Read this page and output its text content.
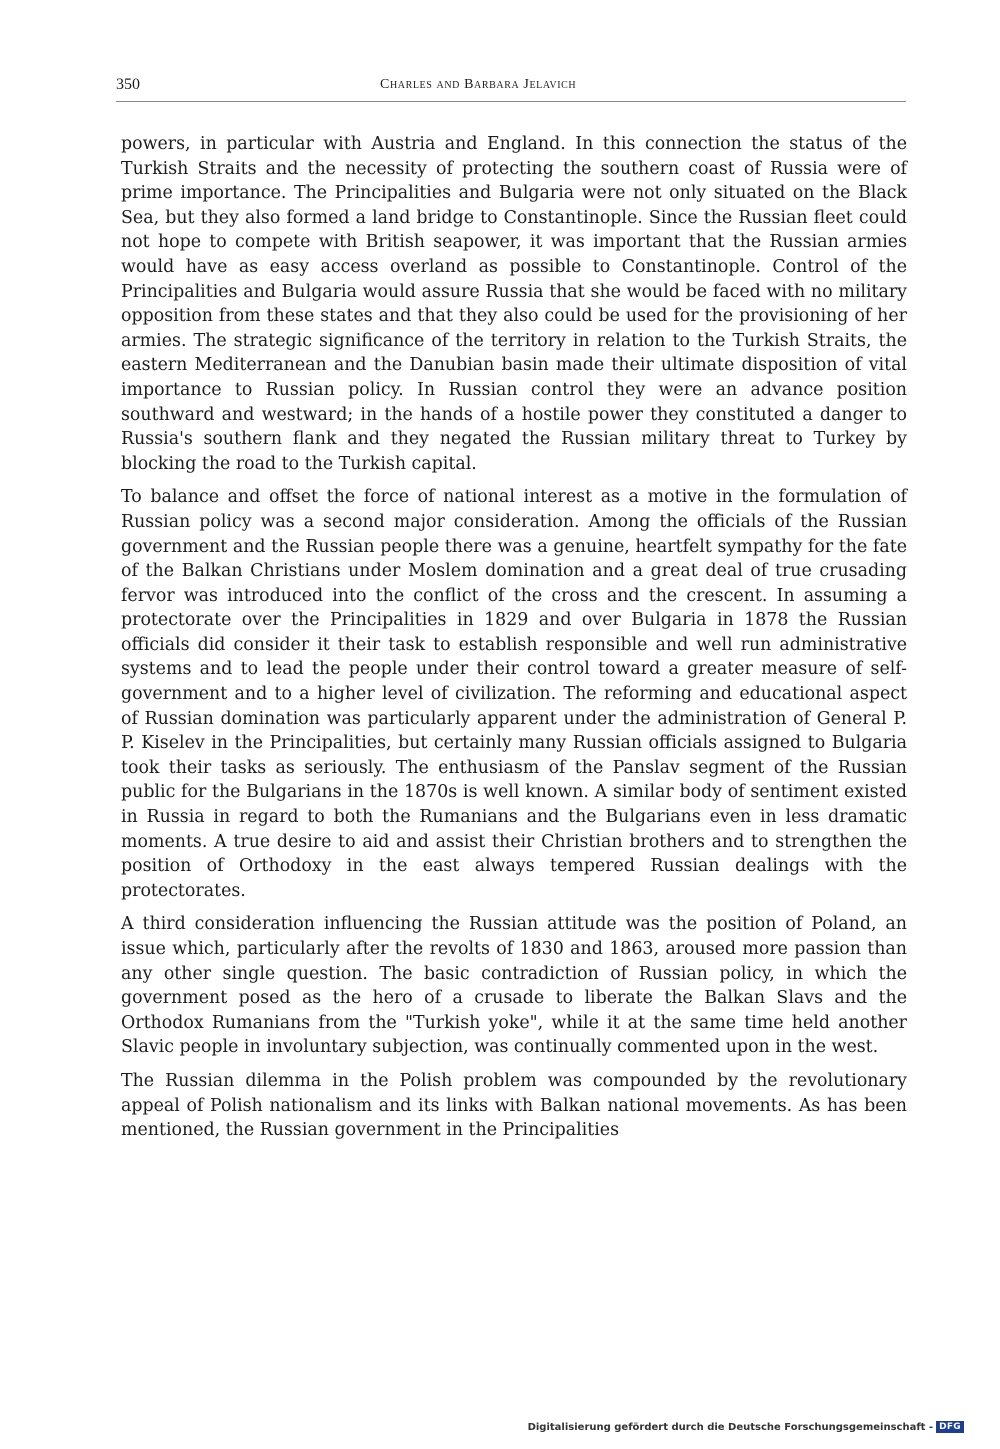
350	Charles and Barbara Jelavich

powers, in particular with Austria and England. In this connection the status of the Turkish Straits and the necessity of protecting the southern coast of Russia were of prime importance. The Principalities and Bulgaria were not only situated on the Black Sea, but they also formed a land bridge to Constantinople. Since the Russian fleet could not hope to compete with British seapower, it was important that the Russian armies would have as easy access overland as possible to Constantinople. Control of the Principalities and Bulgaria would assure Russia that she would be faced with no military opposition from these states and that they also could be used for the provisioning of her armies. The strategic significance of the territory in relation to the Turkish Straits, the eastern Mediterranean and the Danubian basin made their ultimate disposition of vital importance to Russian policy. In Russian control they were an advance position southward and westward; in the hands of a hostile power they constituted a danger to Russia's southern flank and they negated the Russian military threat to Turkey by blocking the road to the Turkish capital.

To balance and offset the force of national interest as a motive in the formulation of Russian policy was a second major consideration. Among the officials of the Russian government and the Russian people there was a genuine, heartfelt sympathy for the fate of the Balkan Christians under Moslem domination and a great deal of true crusading fervor was introduced into the conflict of the cross and the crescent. In assuming a protectorate over the Principalities in 1829 and over Bulgaria in 1878 the Russian officials did consider it their task to establish responsible and well run administrative systems and to lead the people under their control toward a greater measure of self-government and to a higher level of civilization. The reforming and educational aspect of Russian domination was particularly apparent under the administration of General P. P. Kiselev in the Principalities, but certainly many Russian officials assigned to Bulgaria took their tasks as seriously. The enthusiasm of the Panslav segment of the Russian public for the Bulgarians in the 1870s is well known. A similar body of sentiment existed in Russia in regard to both the Rumanians and the Bulgarians even in less dramatic moments. A true desire to aid and assist their Christian brothers and to strengthen the position of Orthodoxy in the east always tempered Russian dealings with the protectorates.

A third consideration influencing the Russian attitude was the position of Poland, an issue which, particularly after the revolts of 1830 and 1863, aroused more passion than any other single question. The basic contradiction of Russian policy, in which the government posed as the hero of a crusade to liberate the Balkan Slavs and the Orthodox Rumanians from the "Turkish yoke", while it at the same time held another Slavic people in involuntary subjection, was continually commented upon in the west.

The Russian dilemma in the Polish problem was compounded by the revolutionary appeal of Polish nationalism and its links with Balkan national movements. As has been mentioned, the Russian government in the Principalities

Digitalisierung gefördert durch die Deutsche Forschungsgemeinschaft - DFG
